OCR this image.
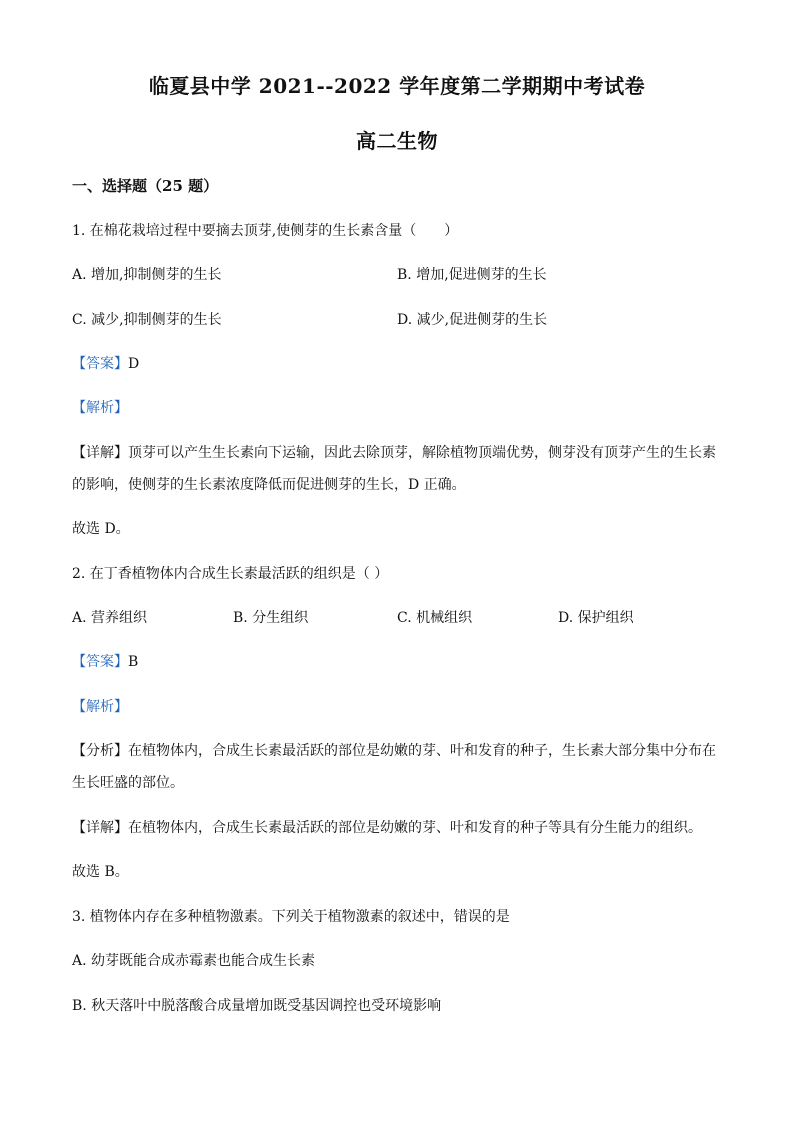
临夏县中学 2021--2022 学年度第二学期期中考试卷
高二生物
一、选择题（25 题）
1. 在棉花栽培过程中要摘去顶芽,使侧芽的生长素含量（　　）
A. 增加,抑制侧芽的生长	B. 增加,促进侧芽的生长
C. 减少,抑制侧芽的生长	D. 减少,促进侧芽的生长
【答案】D
【解析】
【详解】顶芽可以产生生长素向下运输，因此去除顶芽，解除植物顶端优势，侧芽没有顶芽产生的生长素
的影响，使侧芽的生长素浓度降低而促进侧芽的生长，D 正确。
故选 D。
2. 在丁香植物体内合成生长素最活跃的组织是（ ）
A. 营养组织	B. 分生组织	C. 机械组织	D. 保护组织
【答案】B
【解析】
【分析】在植物体内，合成生长素最活跃的部位是幼嫩的芽、叶和发育的种子，生长素大部分集中分布在
生长旺盛的部位。
【详解】在植物体内，合成生长素最活跃的部位是幼嫩的芽、叶和发育的种子等具有分生能力的组织。
故选 B。
3. 植物体内存在多种植物激素。下列关于植物激素的叙述中，错误的是
A. 幼芽既能合成赤霉素也能合成生长素
B. 秋天落叶中脱落酸合成量增加既受基因调控也受环境影响
